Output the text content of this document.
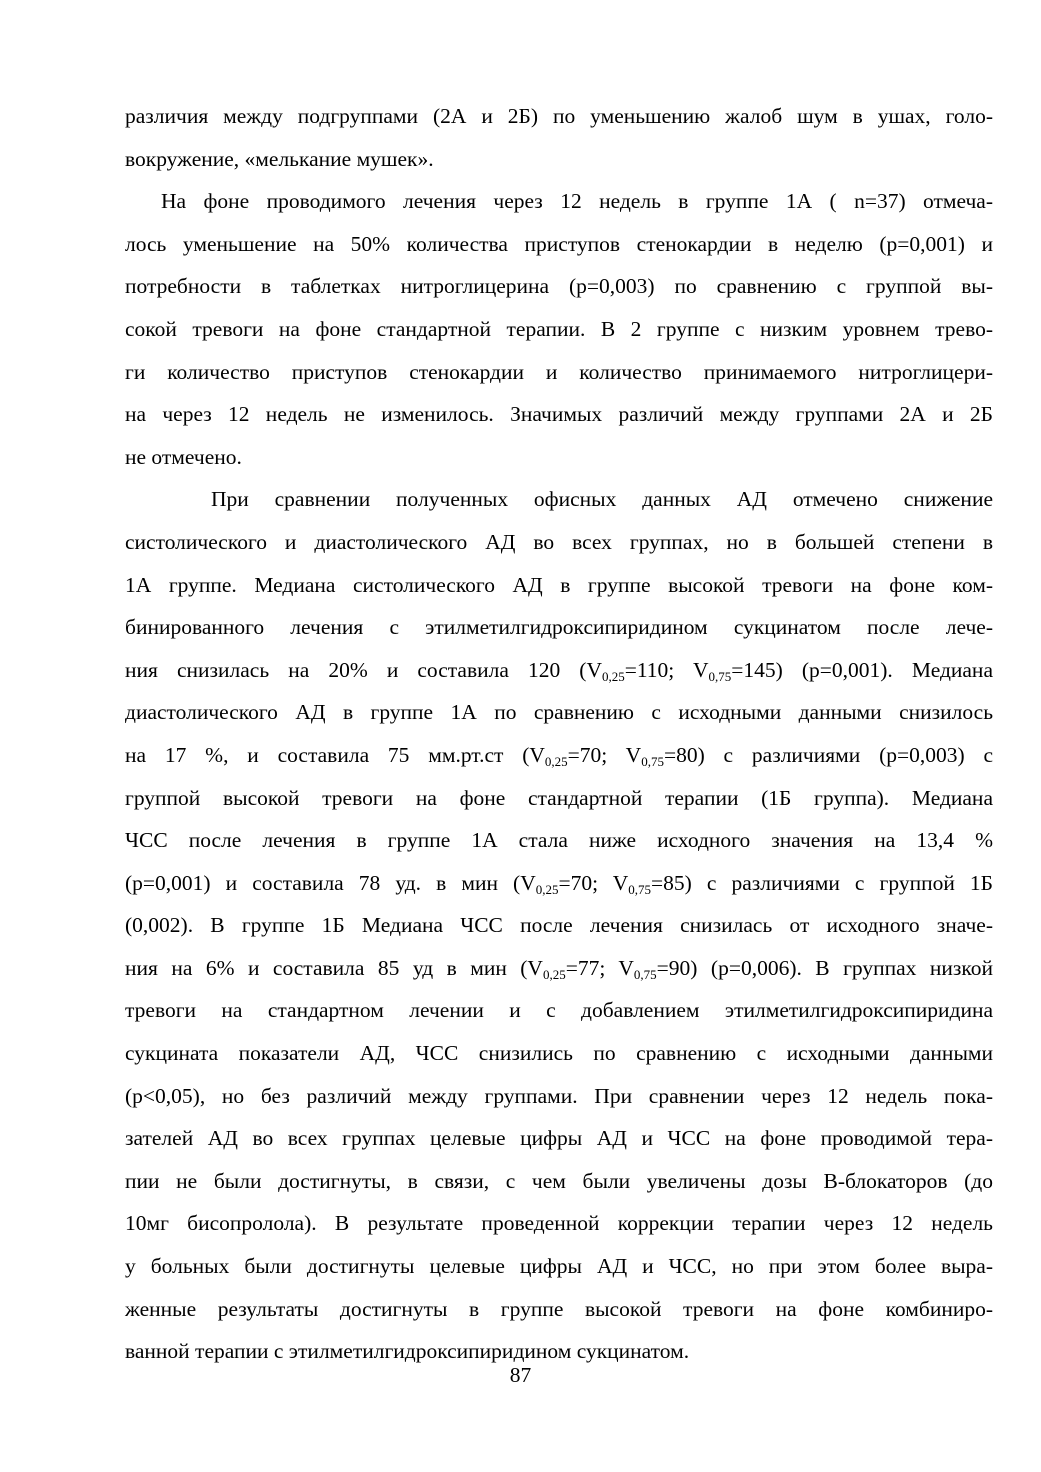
различия между подгруппами (2А и 2Б) по уменьшению жалоб шум в ушах, голо-
вокружение, «мелькание мушек».
На фоне проводимого лечения через 12 недель в группе 1А ( n=37) отмеча-
лось уменьшение на 50% количества приступов стенокардии в неделю (p=0,001) и
потребности в таблетках нитроглицерина (p=0,003) по сравнению с группой вы-
сокой тревоги на фоне стандартной терапии. В 2 группе с низким уровнем трево-
ги количество приступов стенокардии и количество принимаемого нитроглицери-
на через 12 недель не изменилось. Значимых различий между группами 2А и 2Б
не отмечено.
При сравнении полученных офисных данных АД отмечено снижение
систолического и диастолического АД во всех группах, но в большей степени в
1А группе. Медиана систолического АД в группе высокой тревоги на фоне ком-
бинированного лечения с этилметилгидроксипиридином сукцинатом после лече-
ния снизилась на 20% и составила 120 ($V_{0,25}=110$; $V_{0,75}=145$) (p=0,001). Медиана
диастолического АД в группе 1А по сравнению с исходными данными снизилось
на 17 %, и составила 75 мм.рт.ст ($V_{0,25}=70$; $V_{0,75}=80$) с различиями (p=0,003) с
группой высокой тревоги на фоне стандартной терапии (1Б группа). Медиана
ЧСС после лечения в группе 1А стала ниже исходного значения на 13,4 %
(p=0,001) и составила 78 уд. в мин ($V_{0,25}=70$; $V_{0,75}=85$) с различиями с группой 1Б
(0,002). В группе 1Б Медиана ЧСС после лечения снизилась от исходного значе-
ния на 6% и составила 85 уд в мин ($V_{0,25}=77$; $V_{0,75}=90$) (p=0,006). В группах низкой
тревоги на стандартном лечении и с добавлением этилметилгидроксипиридина
сукцината показатели АД, ЧСС снизились по сравнению с исходными данными
(p<0,05), но без различий между группами. При сравнении через 12 недель пока-
зателей АД во всех группах целевые цифры АД и ЧСС на фоне проводимой тера-
пии не были достигнуты, в связи, с чем были увеличены дозы В-блокаторов (до
10мг бисопролола). В результате проведенной коррекции терапии через 12 недель
у больных были достигнуты целевые цифры АД и ЧСС, но при этом более выра-
женные результаты достигнуты в группе высокой тревоги на фоне комбиниро-
ванной терапии с этилметилгидроксипиридином сукцинатом.
87
